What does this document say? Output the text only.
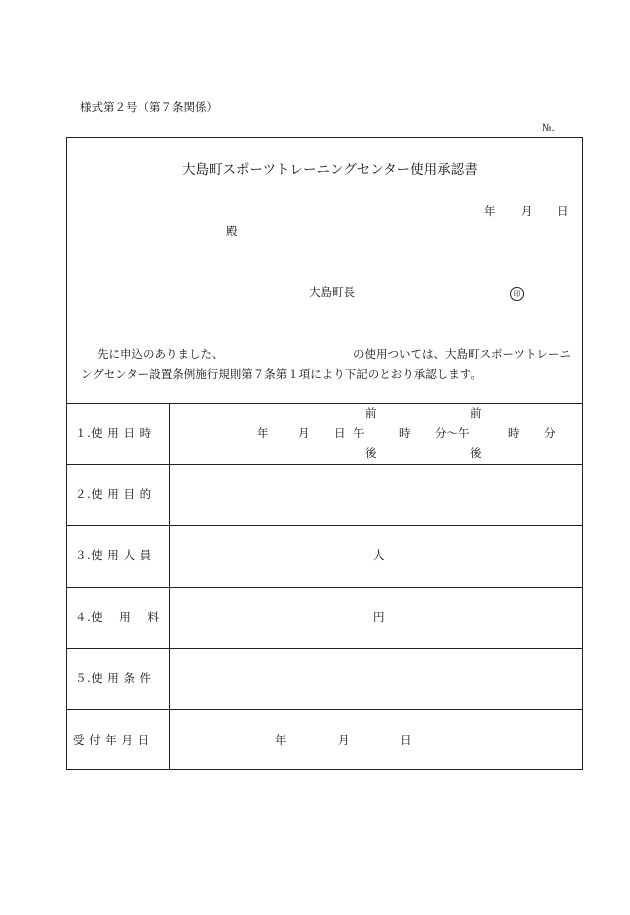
様式第２号（第７条関係）
№.
大島町スポーツトレーニングセンター使用承認書
年 月 日
殿
大島町長	印
先に申込のありました、	の使用ついては、大島町スポーツトレーニ
ングセンター設置条例施行規則第７条第１項により下記のとおり承認します。
１.使 用 日 時
前	前
年	月 日 午	時 分〜午	時 分
後	後
２.使 用 目 的
３.使 用 人 員	人
４.使　 用　 料	円
５.使 用 条 件
受 付 年 月 日	年	月	日
